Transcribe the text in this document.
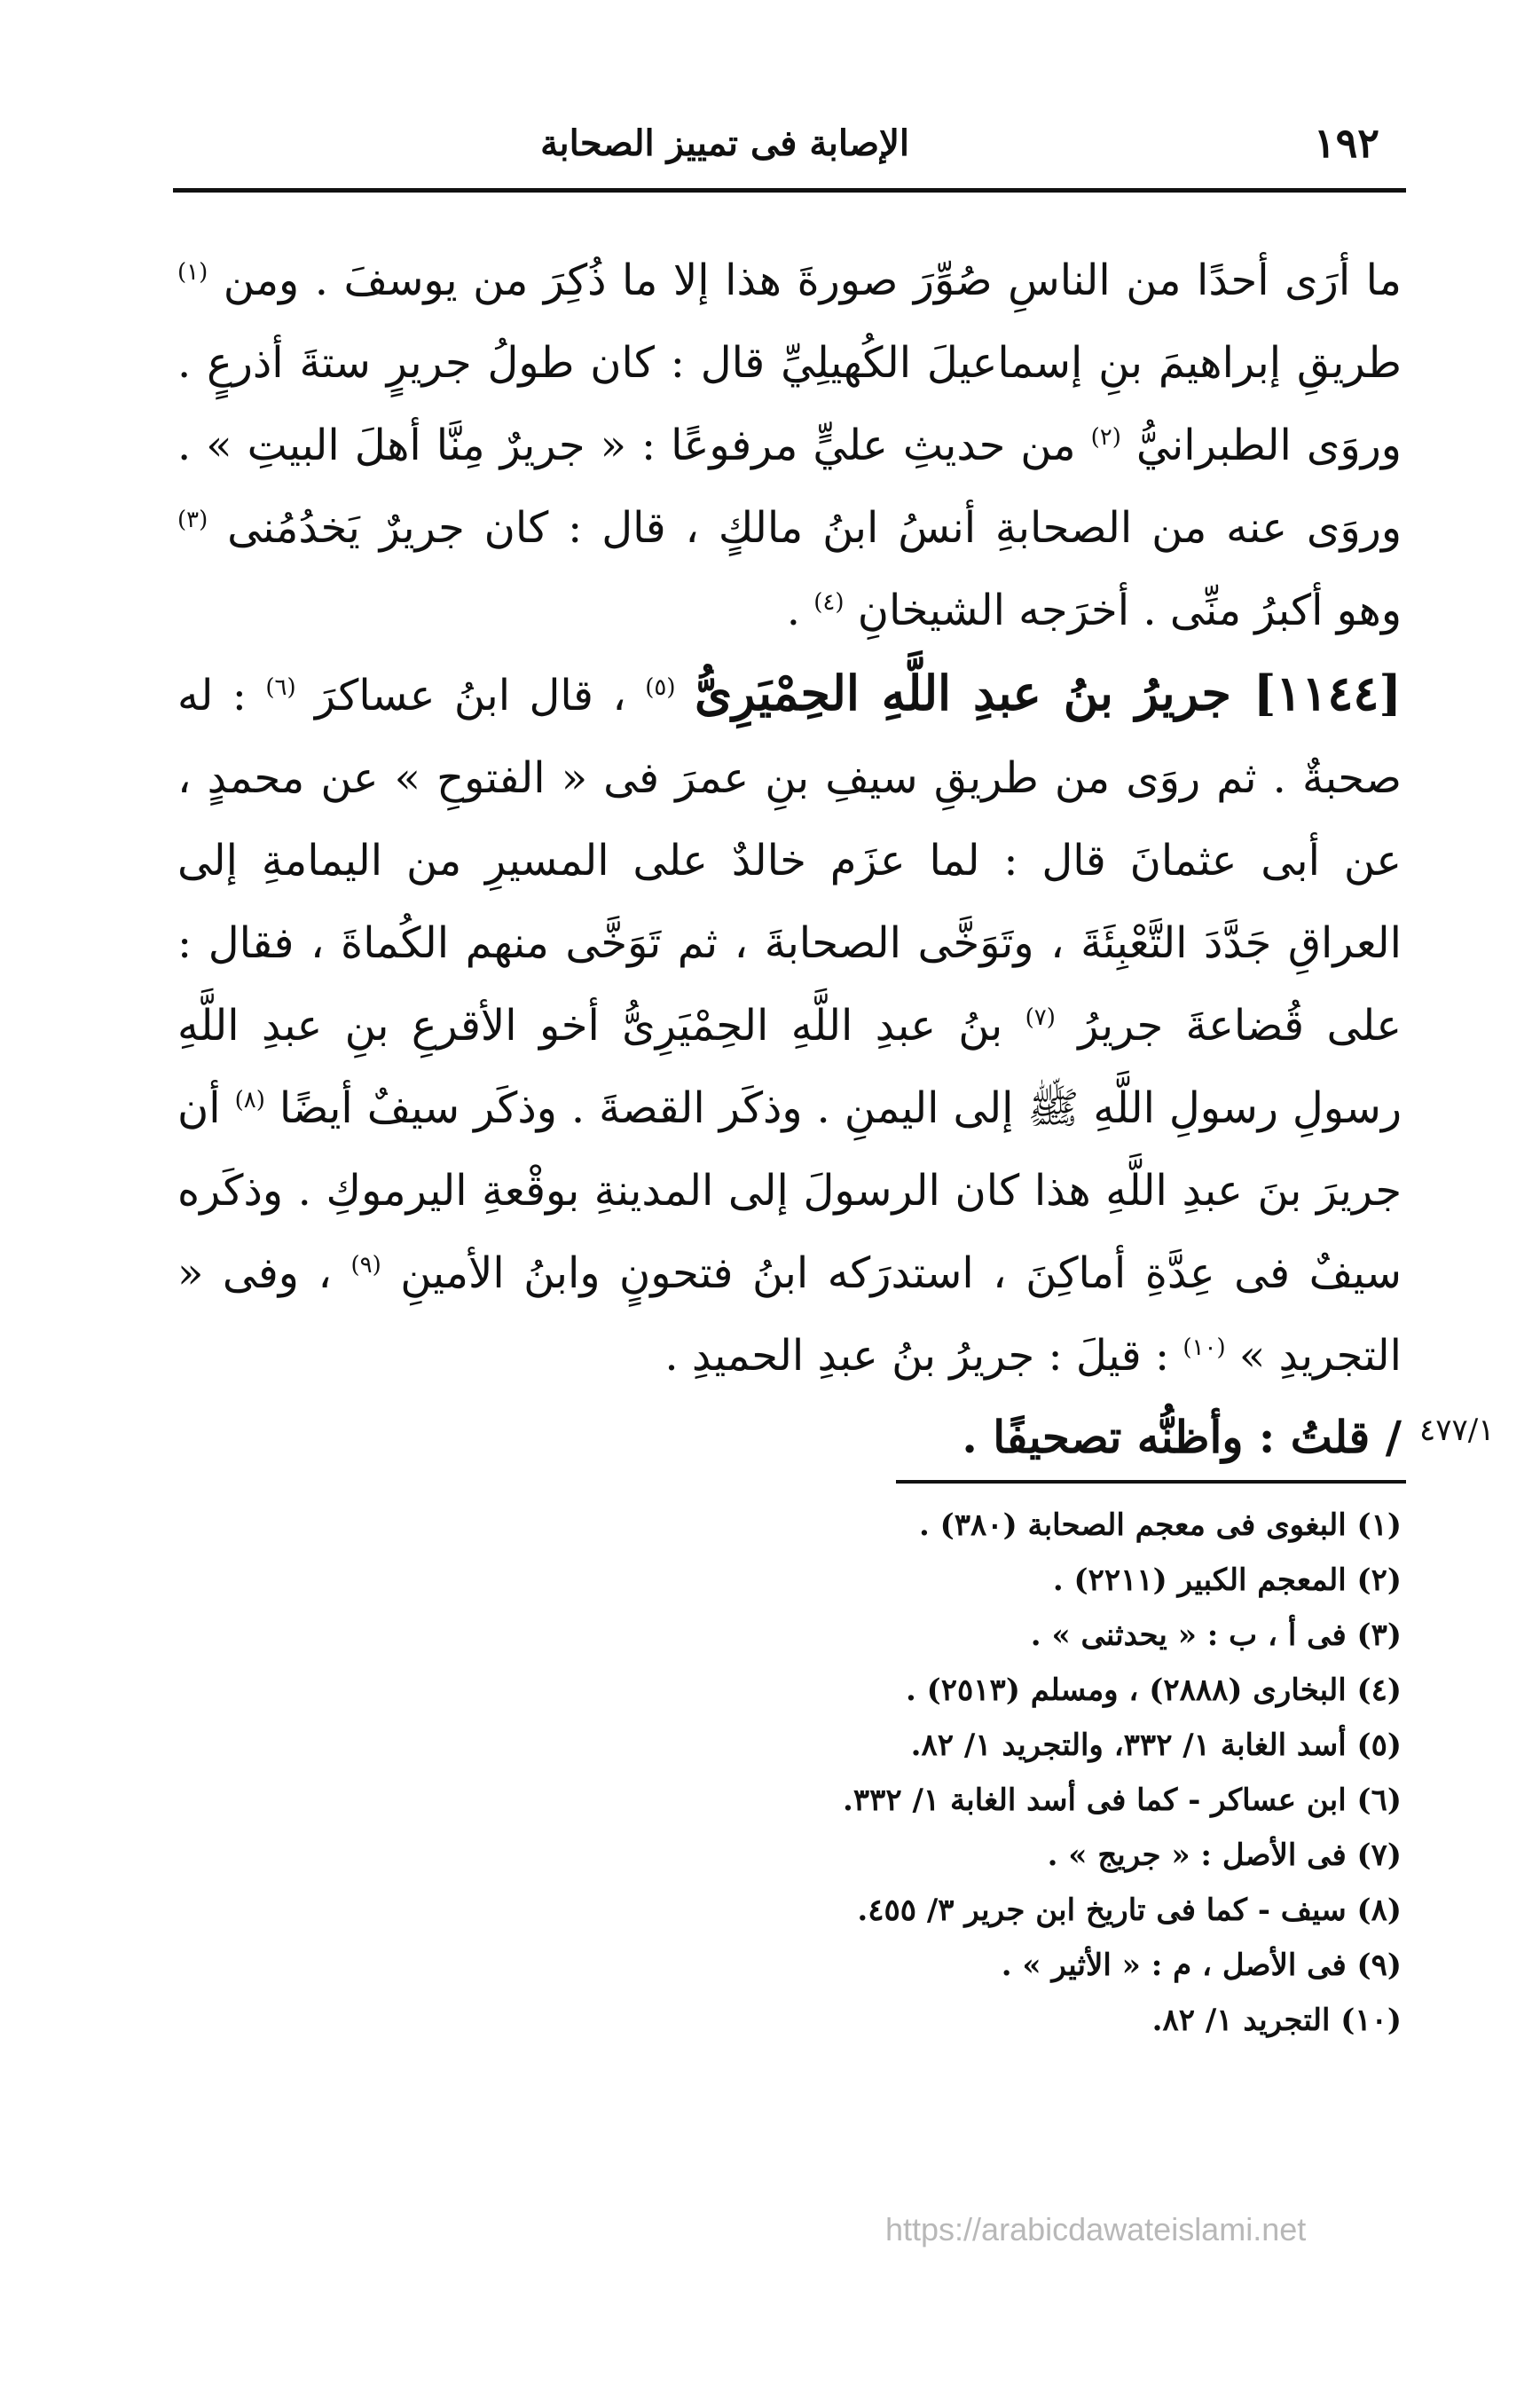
١٩٢
الإصابة فى تمييز الصحابة

ما أرَى أحدًا من الناسِ صُوِّرَ صورةَ هذا إلا ما ذُكِرَ من يوسفَ . ومن $^{(١)}$ طريقِ إبراهيمَ بنِ إسماعيلَ الكُهيلِيِّ قال : كان طولُ جريرٍ ستةَ أذرعٍ . وروَى الطبرانيُّ $^{(٢)}$ من حديثِ عليٍّ مرفوعًا : « جريرٌ مِنَّا أهلَ البيتِ » . وروَى عنه من الصحابةِ أنسُ ابنُ مالكٍ ، قال : كان جريرٌ يَخدُمُنى $^{(٣)}$ وهو أكبرُ منِّى . أخرَجه الشيخانِ $^{(٤)}$ .

[١١٤٤] جريرُ بنُ عبدِ اللَّهِ الحِمْيَرِىُّ $^{(٥)}$ ، قال ابنُ عساكرَ $^{(٦)}$ : له صحبةٌ . ثم روَى من طريقِ سيفِ بنِ عمرَ فى « الفتوحِ » عن محمدٍ ، عن أبى عثمانَ قال : لما عزَم خالدٌ على المسيرِ من اليمامةِ إلى العراقِ جَدَّدَ التَّعْبِئَةَ ، وتَوَخَّى الصحابةَ ، ثم تَوَخَّى منهم الكُماةَ ، فقال : على قُضاعةَ جريرُ $^{(٧)}$ بنُ عبدِ اللَّهِ الحِمْيَرِىُّ أخو الأقرعِ بنِ عبدِ اللَّهِ رسولِ رسولِ اللَّهِ ﷺ إلى اليمنِ . وذكَر القصةَ . وذكَر سيفٌ أيضًا $^{(٨)}$ أن جريرَ بنَ عبدِ اللَّهِ هذا كان الرسولَ إلى المدينةِ بوقْعةِ اليرموكِ . وذكَره سيفٌ فى عِدَّةِ أماكِنَ ، استدرَكه ابنُ فتحونٍ وابنُ الأمينِ $^{(٩)}$ ، وفى « التجريدِ » $^{(١٠)}$ : قيلَ : جريرُ بنُ عبدِ الحميدِ .

/ قلتُ : وأظنُّه تصحيفًا . ٤٧٧/١

(١) البغوى فى معجم الصحابة (٣٨٠) .

(٢) المعجم الكبير (٢٢١١) .

(٣) فى أ ، ب : « يحدثنى » .

(٤) البخارى (٢٨٨٨) ، ومسلم (٢٥١٣) .

(٥) أسد الغابة ١/ ٣٣٢، والتجريد ١/ ٨٢.

(٦) ابن عساكر - كما فى أسد الغابة ١/ ٣٣٢.

(٧) فى الأصل : « جريج » .

(٨) سيف - كما فى تاريخ ابن جرير ٣/ ٤٥٥.

(٩) فى الأصل ، م : « الأثير » .

(١٠) التجريد ١/ ٨٢.

https://arabicdawateislami.net
